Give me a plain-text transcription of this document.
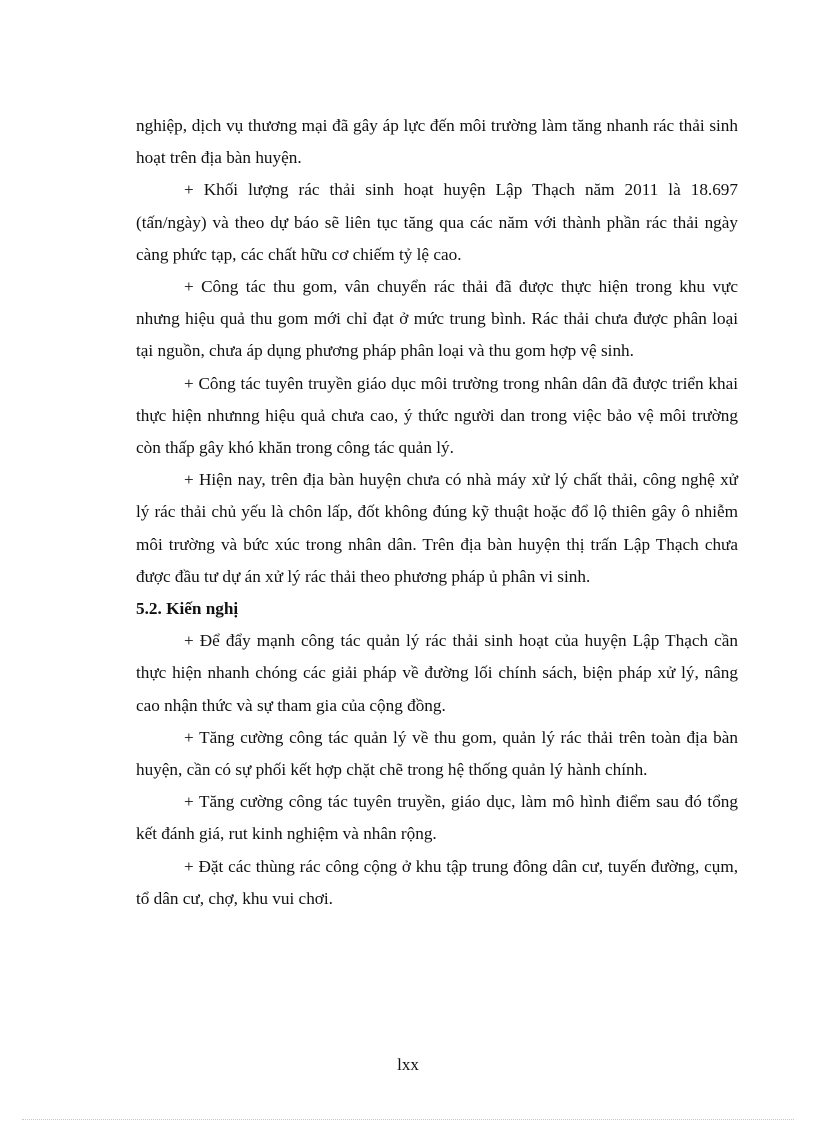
nghiệp, dịch vụ thương mại đã gây áp lực đến môi trường làm tăng nhanh rác thải sinh hoạt trên địa bàn huyện.

+ Khối lượng rác thải sinh hoạt huyện Lập Thạch năm 2011 là 18.697 (tấn/ngày) và theo dự báo sẽ liên tục tăng qua các năm với thành phần rác thải ngày càng phức tạp, các chất hữu cơ chiếm tỷ lệ cao.

+ Công tác thu gom, vân chuyển rác thải đã được thực hiện trong khu vực nhưng hiệu quả thu gom mới chỉ đạt ở mức trung bình. Rác thải chưa được phân loại tại nguồn, chưa áp dụng phương pháp phân loại và thu gom hợp vệ sinh.

+ Công tác tuyên truyền giáo dục môi trường trong nhân dân đã được triển khai thực hiện nhưnng hiệu quả chưa cao, ý thức người dan trong việc bảo vệ môi trường còn thấp gây khó khăn trong công tác quản lý.

+ Hiện nay, trên địa bàn huyện chưa có nhà máy xử lý chất thải, công nghệ xử lý rác thải chủ yếu là chôn lấp, đốt không đúng kỹ thuật hoặc đổ lộ thiên gây ô nhiễm môi trường và bức xúc trong nhân dân. Trên địa bàn huyện thị trấn Lập Thạch chưa được đầu tư dự án xử lý rác thải theo phương pháp ủ phân vi sinh.

5.2. Kiến nghị

+ Để đẩy mạnh công tác quản lý rác thải sinh hoạt của huyện Lập Thạch cần thực hiện nhanh chóng các giải pháp về đường lối chính sách, biện pháp xử lý, nâng cao nhận thức và sự tham gia của cộng đồng.

+ Tăng cường công tác quản lý về thu gom, quản lý rác thải trên toàn địa bàn huyện, cần có sự phối kết hợp chặt chẽ trong hệ thống quản lý hành chính.

+ Tăng cường công tác tuyên truyền, giáo dục, làm mô hình điểm sau đó tổng kết đánh giá, rut kinh nghiệm và nhân rộng.

+ Đặt các thùng rác công cộng ở khu tập trung đông dân cư, tuyến đường, cụm, tổ dân cư, chợ, khu vui chơi.

lxx
